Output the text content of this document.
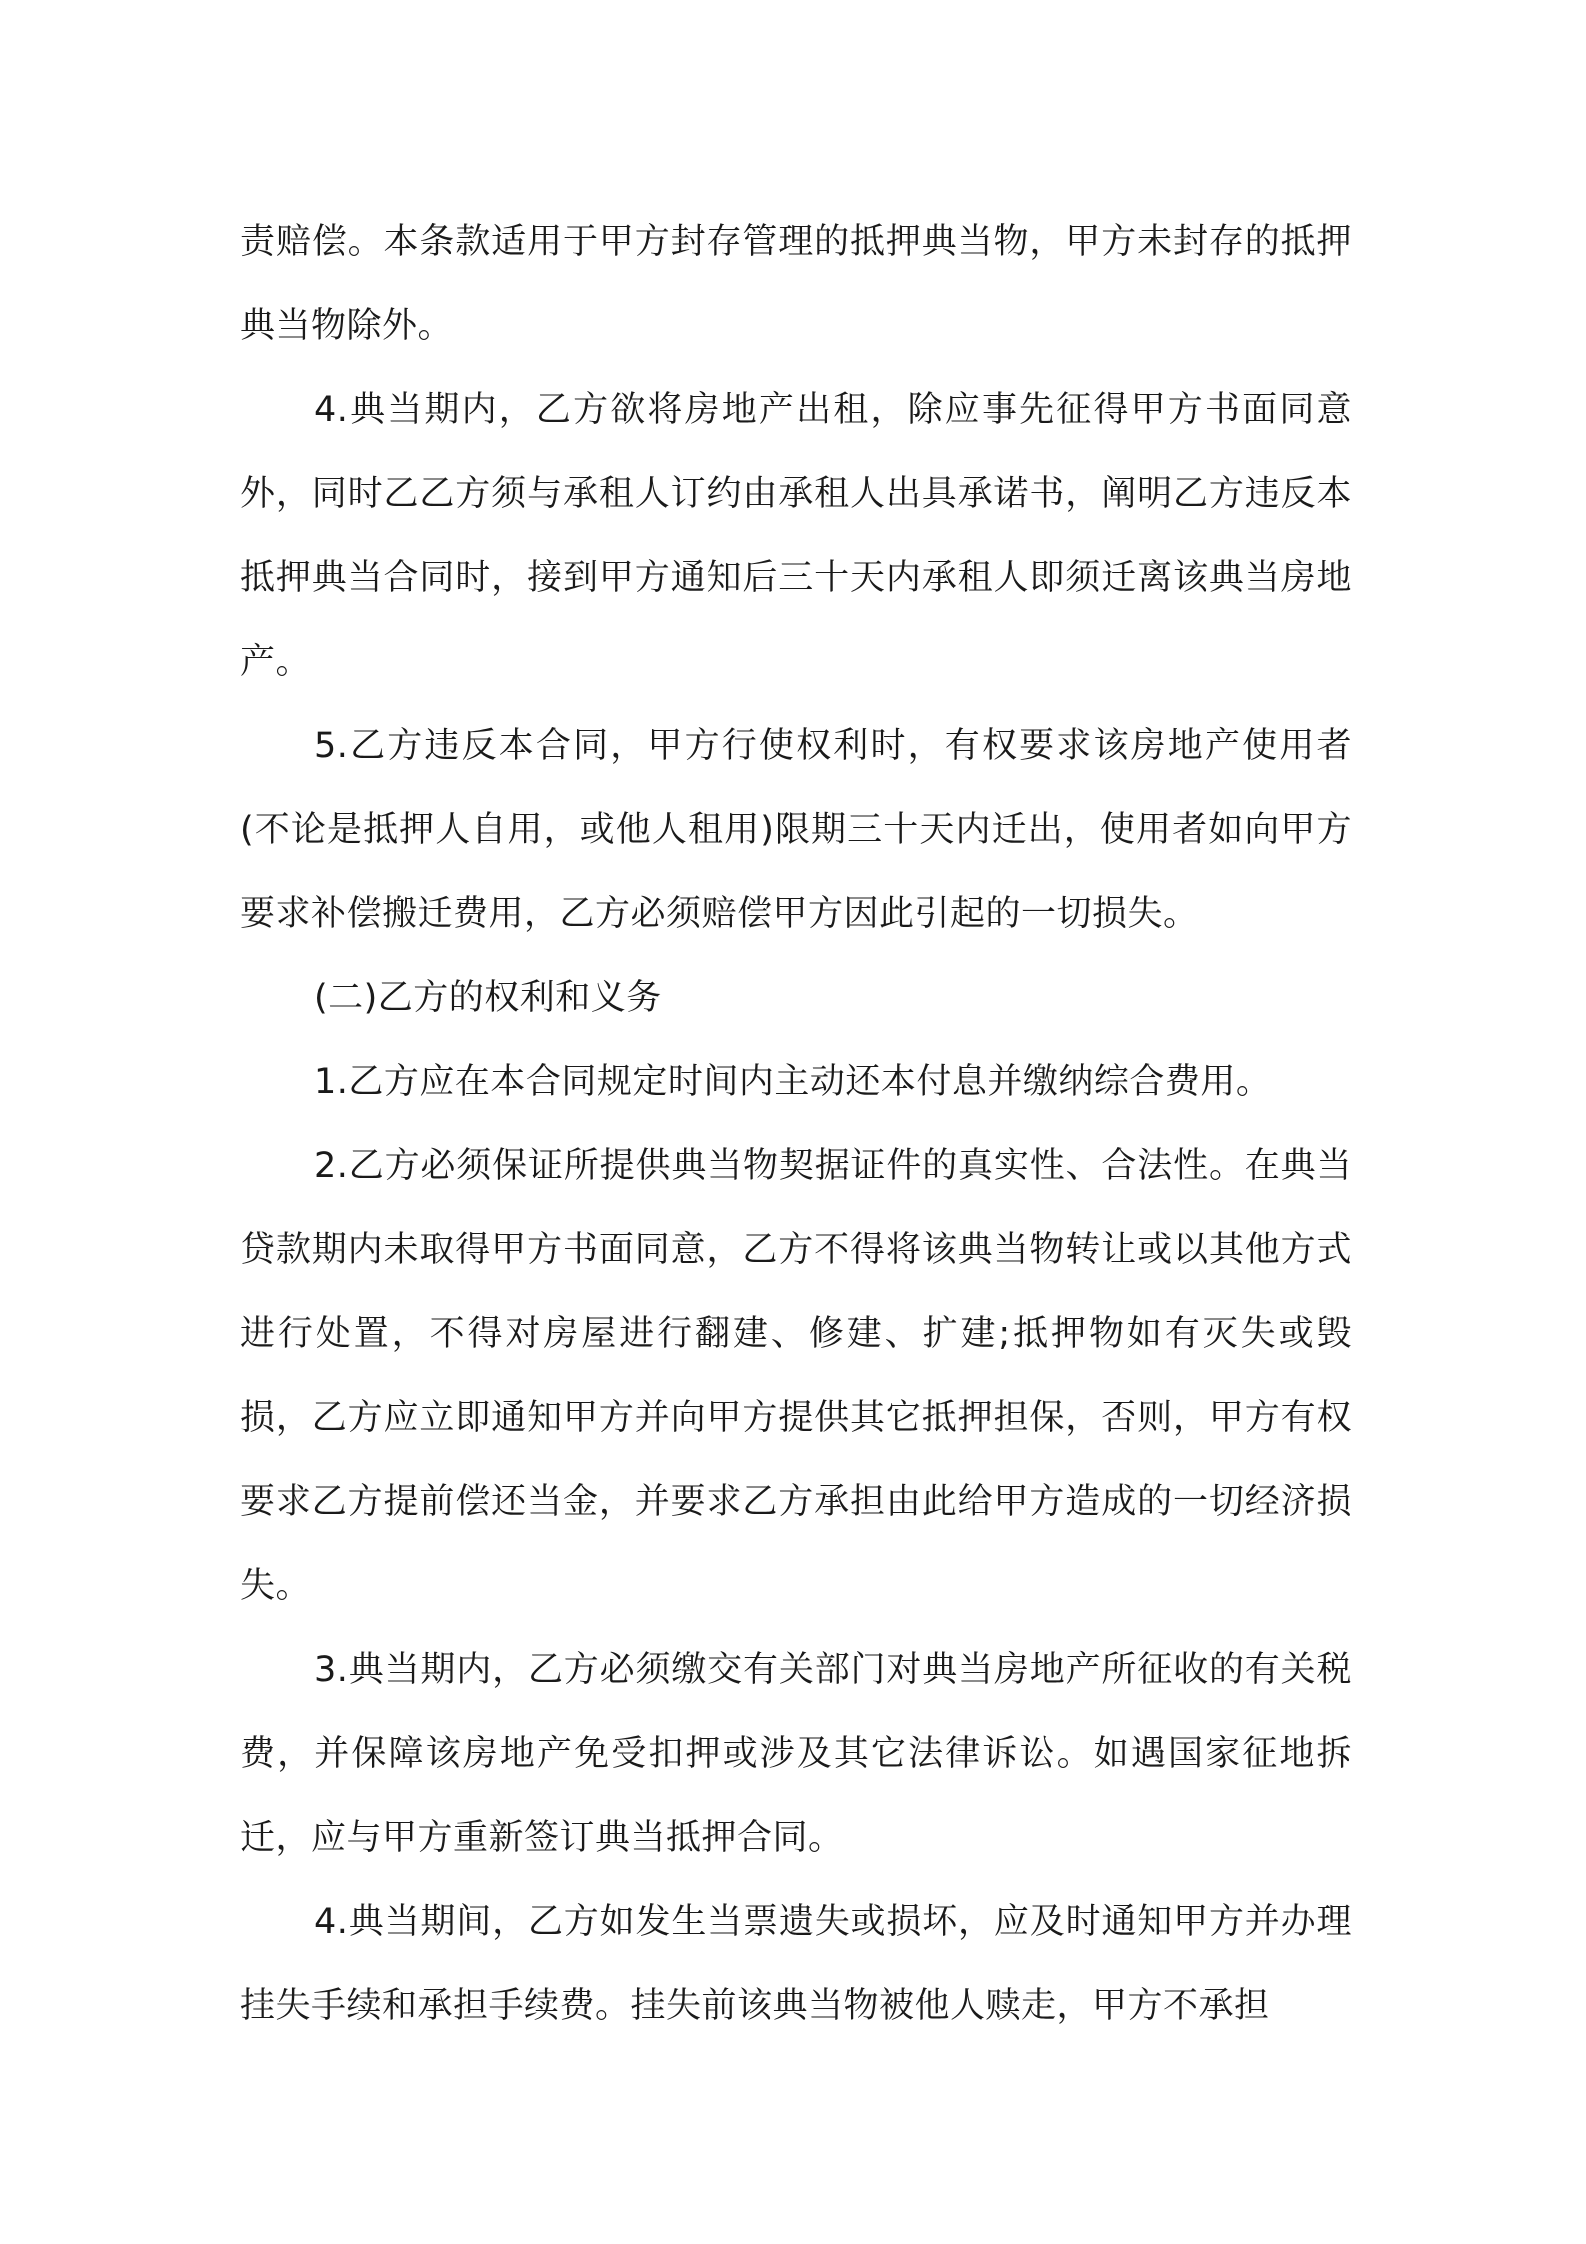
责赔偿。本条款适用于甲方封存管理的抵押典当物，甲方未封存的抵押典当物除外。

4.典当期内，乙方欲将房地产出租，除应事先征得甲方书面同意外，同时乙乙方须与承租人订约由承租人出具承诺书，阐明乙方违反本抵押典当合同时，接到甲方通知后三十天内承租人即须迁离该典当房地产。

5.乙方违反本合同，甲方行使权利时，有权要求该房地产使用者(不论是抵押人自用，或他人租用)限期三十天内迁出，使用者如向甲方要求补偿搬迁费用，乙方必须赔偿甲方因此引起的一切损失。

(二)乙方的权利和义务

1.乙方应在本合同规定时间内主动还本付息并缴纳综合费用。

2.乙方必须保证所提供典当物契据证件的真实性、合法性。在典当贷款期内未取得甲方书面同意，乙方不得将该典当物转让或以其他方式进行处置，不得对房屋进行翻建、修建、扩建;抵押物如有灭失或毁损，乙方应立即通知甲方并向甲方提供其它抵押担保，否则，甲方有权要求乙方提前偿还当金，并要求乙方承担由此给甲方造成的一切经济损失。

3.典当期内，乙方必须缴交有关部门对典当房地产所征收的有关税费，并保障该房地产免受扣押或涉及其它法律诉讼。如遇国家征地拆迁，应与甲方重新签订典当抵押合同。

4.典当期间，乙方如发生当票遗失或损坏，应及时通知甲方并办理挂失手续和承担手续费。挂失前该典当物被他人赎走，甲方不承担
